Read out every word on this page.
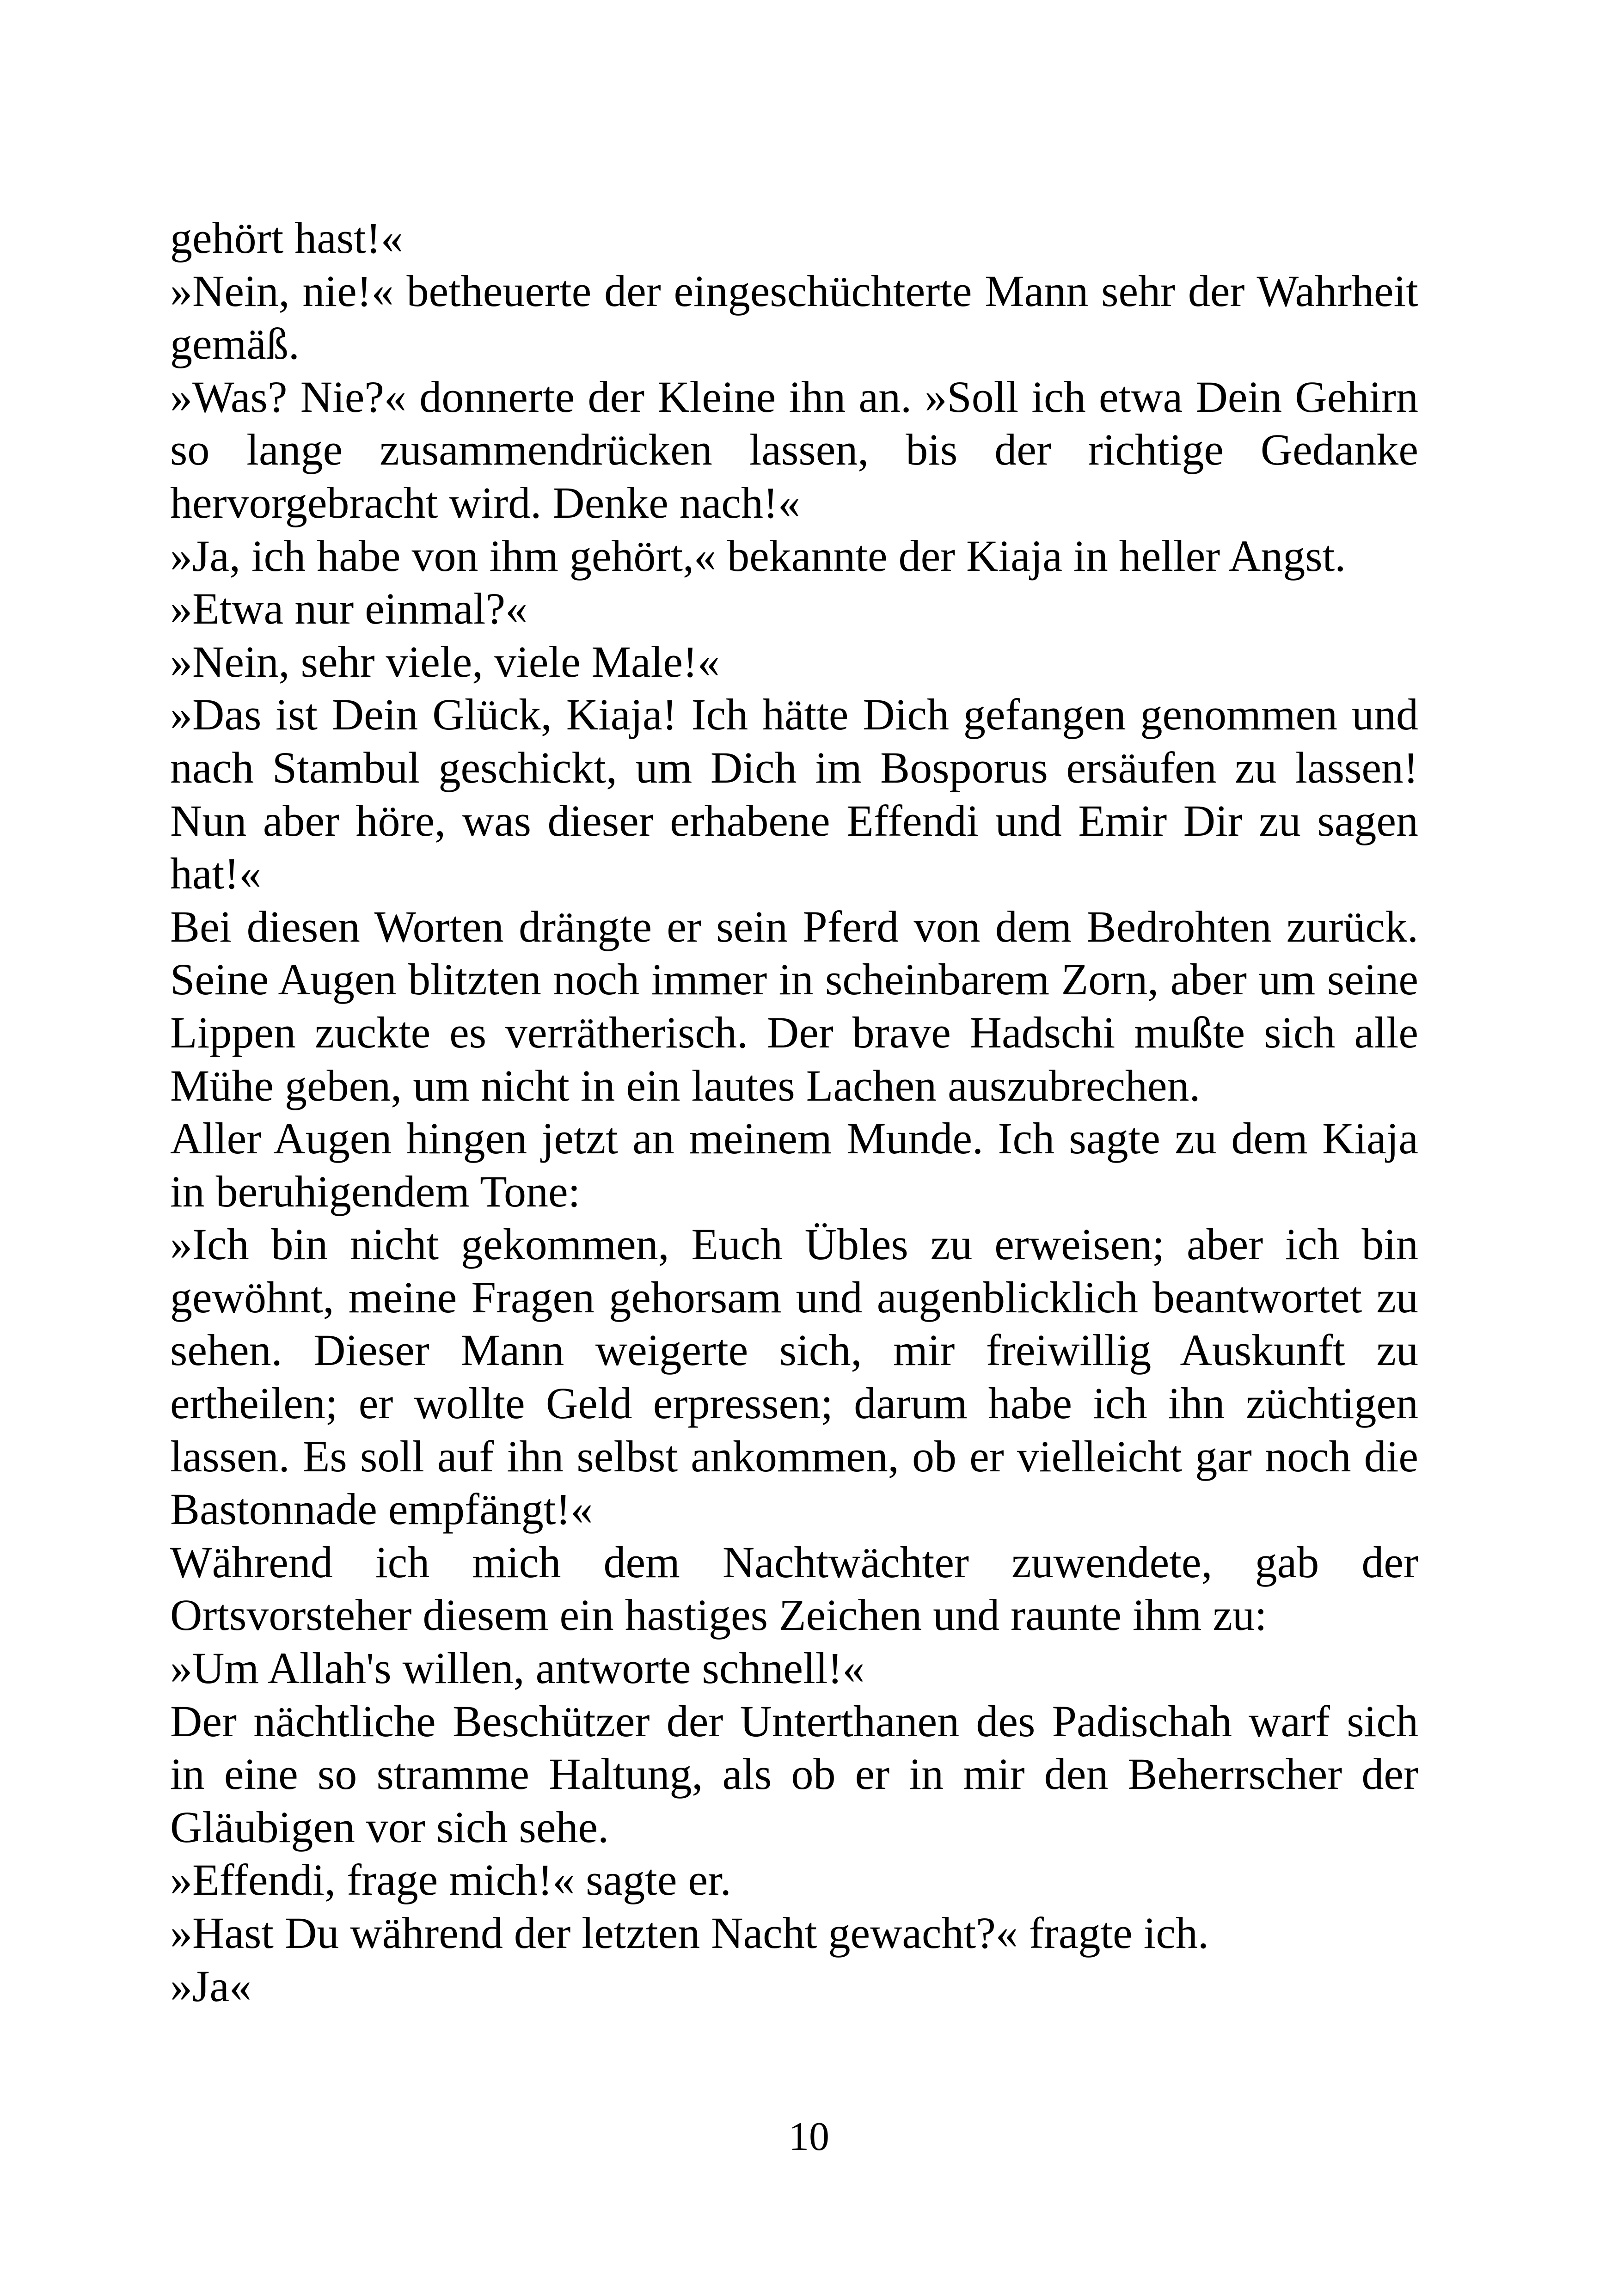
gehört hast!«

»Nein, nie!« betheuerte der eingeschüchterte Mann sehr der Wahrheit gemäß.

»Was? Nie?« donnerte der Kleine ihn an. »Soll ich etwa Dein Gehirn so lange zusammendrücken lassen, bis der richtige Gedanke hervorgebracht wird. Denke nach!«

»Ja, ich habe von ihm gehört,« bekannte der Kiaja in heller Angst.

»Etwa nur einmal?«

»Nein, sehr viele, viele Male!«

»Das ist Dein Glück, Kiaja! Ich hätte Dich gefangen genommen und nach Stambul geschickt, um Dich im Bosporus ersäufen zu lassen! Nun aber höre, was dieser erhabene Effendi und Emir Dir zu sagen hat!«

Bei diesen Worten drängte er sein Pferd von dem Bedrohten zurück. Seine Augen blitzten noch immer in scheinbarem Zorn, aber um seine Lippen zuckte es verrätherisch. Der brave Hadschi mußte sich alle Mühe geben, um nicht in ein lautes Lachen auszubrechen.

Aller Augen hingen jetzt an meinem Munde. Ich sagte zu dem Kiaja in beruhigendem Tone:

»Ich bin nicht gekommen, Euch Übles zu erweisen; aber ich bin gewöhnt, meine Fragen gehorsam und augenblicklich beantwortet zu sehen. Dieser Mann weigerte sich, mir freiwillig Auskunft zu ertheilen; er wollte Geld erpressen; darum habe ich ihn züchtigen lassen. Es soll auf ihn selbst ankommen, ob er vielleicht gar noch die Bastonnade empfängt!«

Während ich mich dem Nachtwächter zuwendete, gab der Ortsvorsteher diesem ein hastiges Zeichen und raunte ihm zu:

»Um Allah's willen, antworte schnell!«

Der nächtliche Beschützer der Unterthanen des Padischah warf sich in eine so stramme Haltung, als ob er in mir den Beherrscher der Gläubigen vor sich sehe.

»Effendi, frage mich!« sagte er.

»Hast Du während der letzten Nacht gewacht?« fragte ich.

»Ja«

10
